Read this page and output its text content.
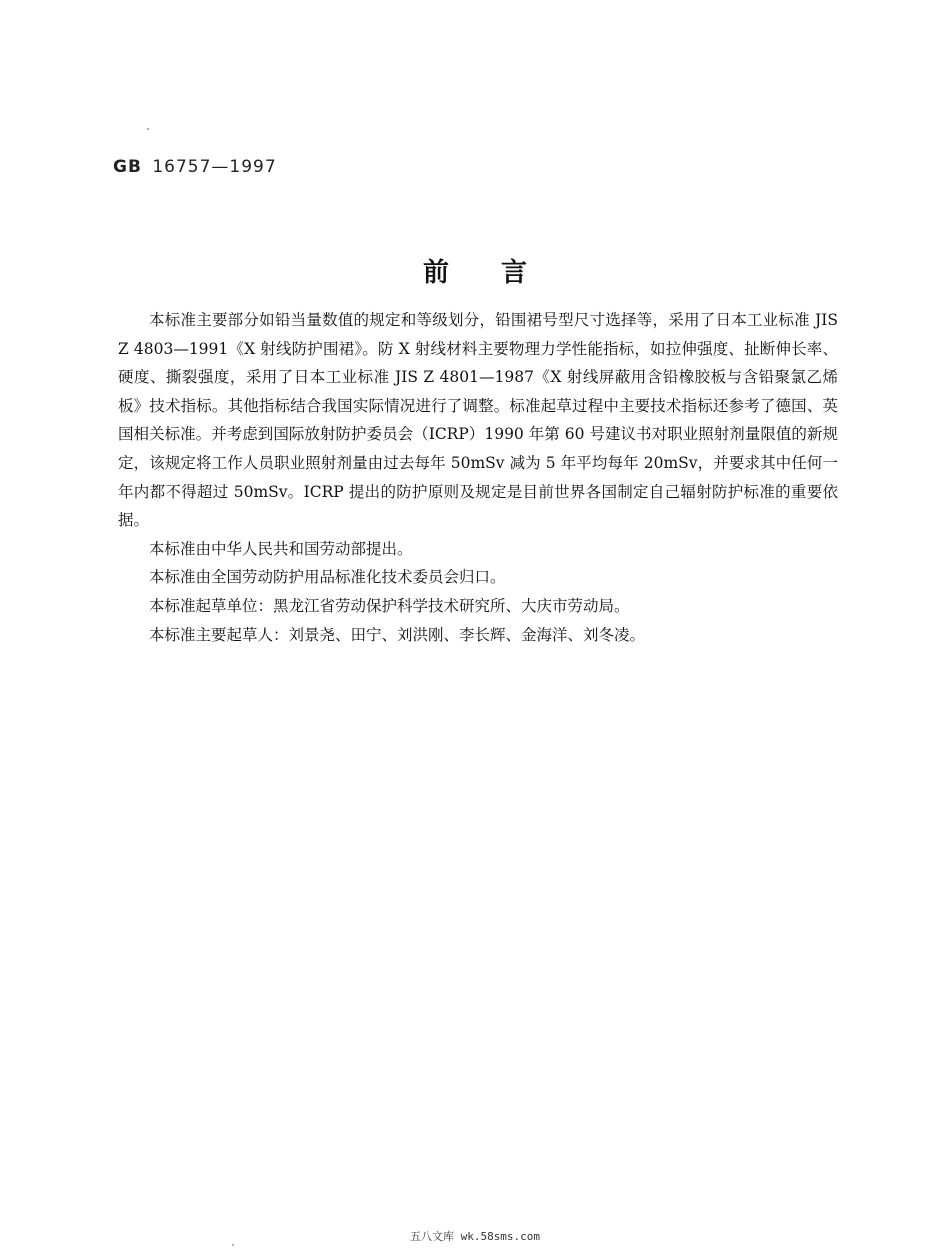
GB 16757—1997
前言

本标准主要部分如铅当量数值的规定和等级划分，铅围裙号型尺寸选择等，采用了日本工业标准 JIS Z 4803—1991《X 射线防护围裙》。防 X 射线材料主要物理力学性能指标，如拉伸强度、扯断伸长率、硬度、撕裂强度，采用了日本工业标准 JIS Z 4801—1987《X 射线屏蔽用含铅橡胶板与含铅聚氯乙烯板》技术指标。其他指标结合我国实际情况进行了调整。标准起草过程中主要技术指标还参考了德国、英国相关标准。并考虑到国际放射防护委员会（ICRP）1990 年第 60 号建议书对职业照射剂量限值的新规定，该规定将工作人员职业照射剂量由过去每年 50mSv 减为 5 年平均每年 20mSv，并要求其中任何一年内都不得超过 50mSv。ICRP 提出的防护原则及规定是目前世界各国制定自己辐射防护标准的重要依据。

本标准由中华人民共和国劳动部提出。

本标准由全国劳动防护用品标准化技术委员会归口。

本标准起草单位：黑龙江省劳动保护科学技术研究所、大庆市劳动局。

本标准主要起草人：刘景尧、田宁、刘洪刚、李长辉、金海洋、刘冬凌。

五八文库 wk.58sms.com
